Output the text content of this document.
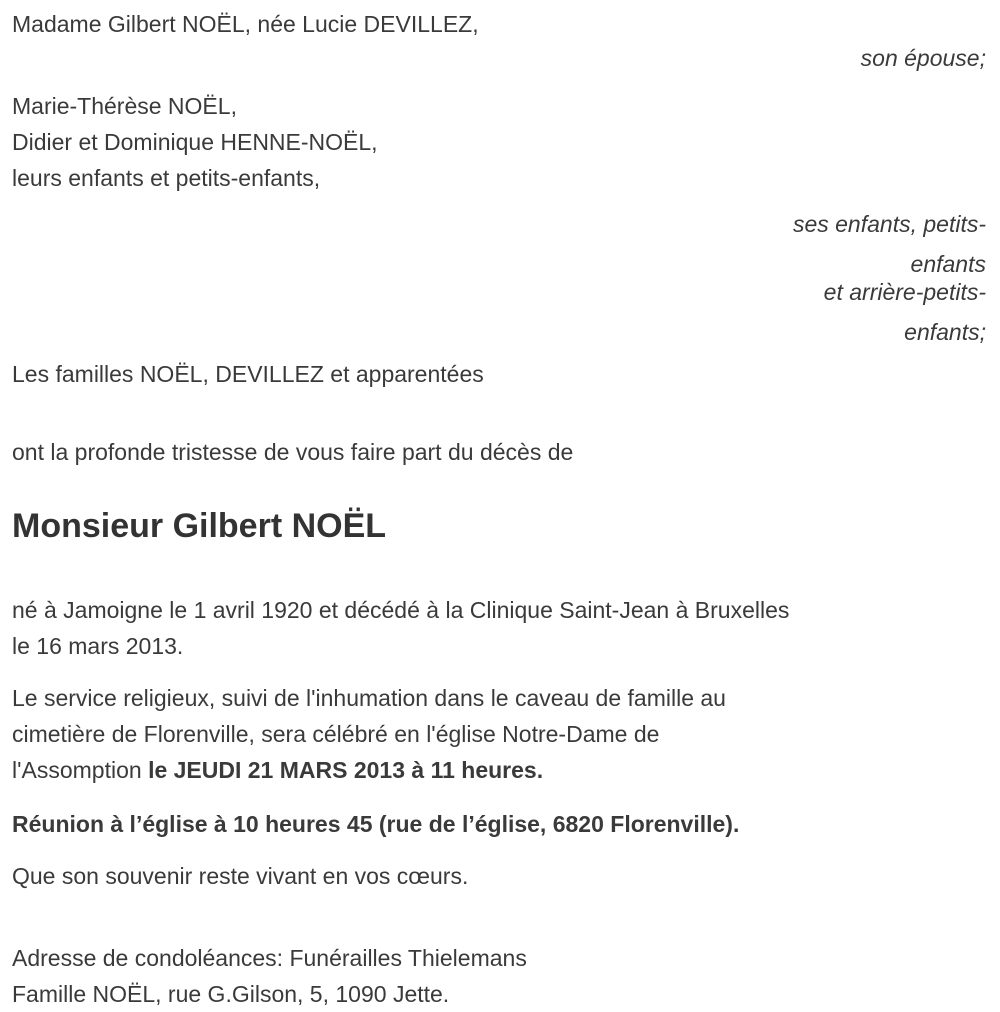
Madame Gilbert NOËL, née Lucie DEVILLEZ,

son épouse;

Marie-Thérèse NOËL,

Didier et Dominique HENNE-NOËL,

leurs enfants et petits-enfants,

ses enfants, petits-

enfants

et arrière-petits-

enfants;

Les familles NOËL, DEVILLEZ et apparentées

ont la profonde tristesse de vous faire part du décès de

Monsieur Gilbert NOËL

né à Jamoigne le 1 avril 1920 et décédé à la Clinique Saint-Jean à Bruxelles

le 16 mars 2013.

Le service religieux, suivi de l'inhumation dans le caveau de famille au

cimetière de Florenville, sera célébré en l'église Notre-Dame de

l'Assomption le JEUDI 21 MARS 2013 à 11 heures.

Réunion à l’église à 10 heures 45 (rue de l’église, 6820 Florenville).

Que son souvenir reste vivant en vos cœurs.

Adresse de condoléances: Funérailles Thielemans

Famille NOËL, rue G.Gilson, 5, 1090 Jette.
